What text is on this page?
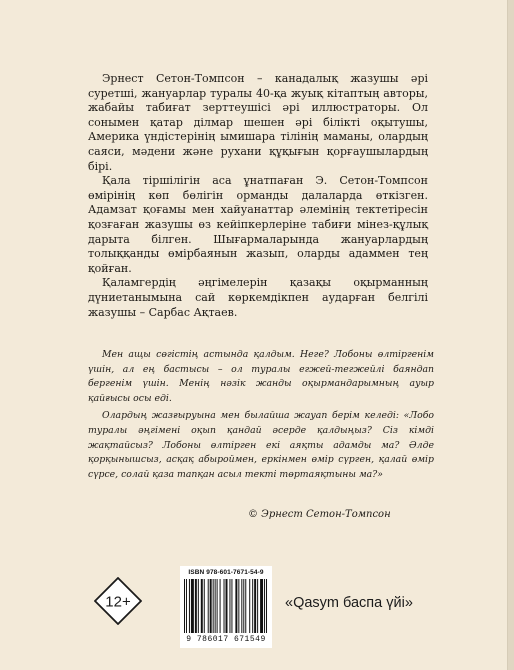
Эрнест Сетон-Томпсон – канадалық жазушы әрі суретші, жануарлар туралы 40-қа жуық кітаптың авторы, жабайы табиғат зерттеушісі әрі иллюстраторы. Ол сонымен қатар ділмар шешен әрі білікті оқытушы, Америка үндістерінің ымишара тілінің маманы, олардың саяси, мәдени және рухани құқығын қорғаушылардың бірі.

Қала тіршілігін аса ұнатпаған Э. Сетон-Томпсон өмірінің көп бөлігін орманды далаларда өткізген. Адамзат қоғамы мен хайуанаттар әлемінің тектетіресін қозғаған жазушы өз кейіпкерлеріне табиғи мінез-құлық дарыта білген. Шығармаларында жануарлардың толыққанды өмірбаянын жазып, оларды адаммен тең қойған.

Қаламгердің әңгімелерін қазақы оқырманның дүниетанымына сай көркемдікпен аударған белгілі жазушы – Сарбас Ақтаев.

Мен ащы сөгістің астында қалдым. Неге? Лобоны өлтіргенім үшін, ал ең бастысы – ол туралы егжей-тегжейлі баяндап бергенім үшін. Менің нәзік жанды оқырмандарымның ауыр қайғысы осы еді.

Олардың жазғыруына мен былайша жауап берім келеді: «Лобо туралы әңгімені оқып қандай әсерде қалдыңыз? Сіз кімді жақтайсыз? Лобоны өлтірген екі аяқты адамды ма? Әлде қорқынышсыз, асқақ абыроймен, еркінмен өмір сүрген, қалай өмір сүрсе, солай қаза тапқан асыл текті төртаяқтыны ма?»

© Эрнест Сетон-Томпсон
12+
ISBN 978-601-7671-54-9
9 786017 671549
«Qasym баспа үйі»
